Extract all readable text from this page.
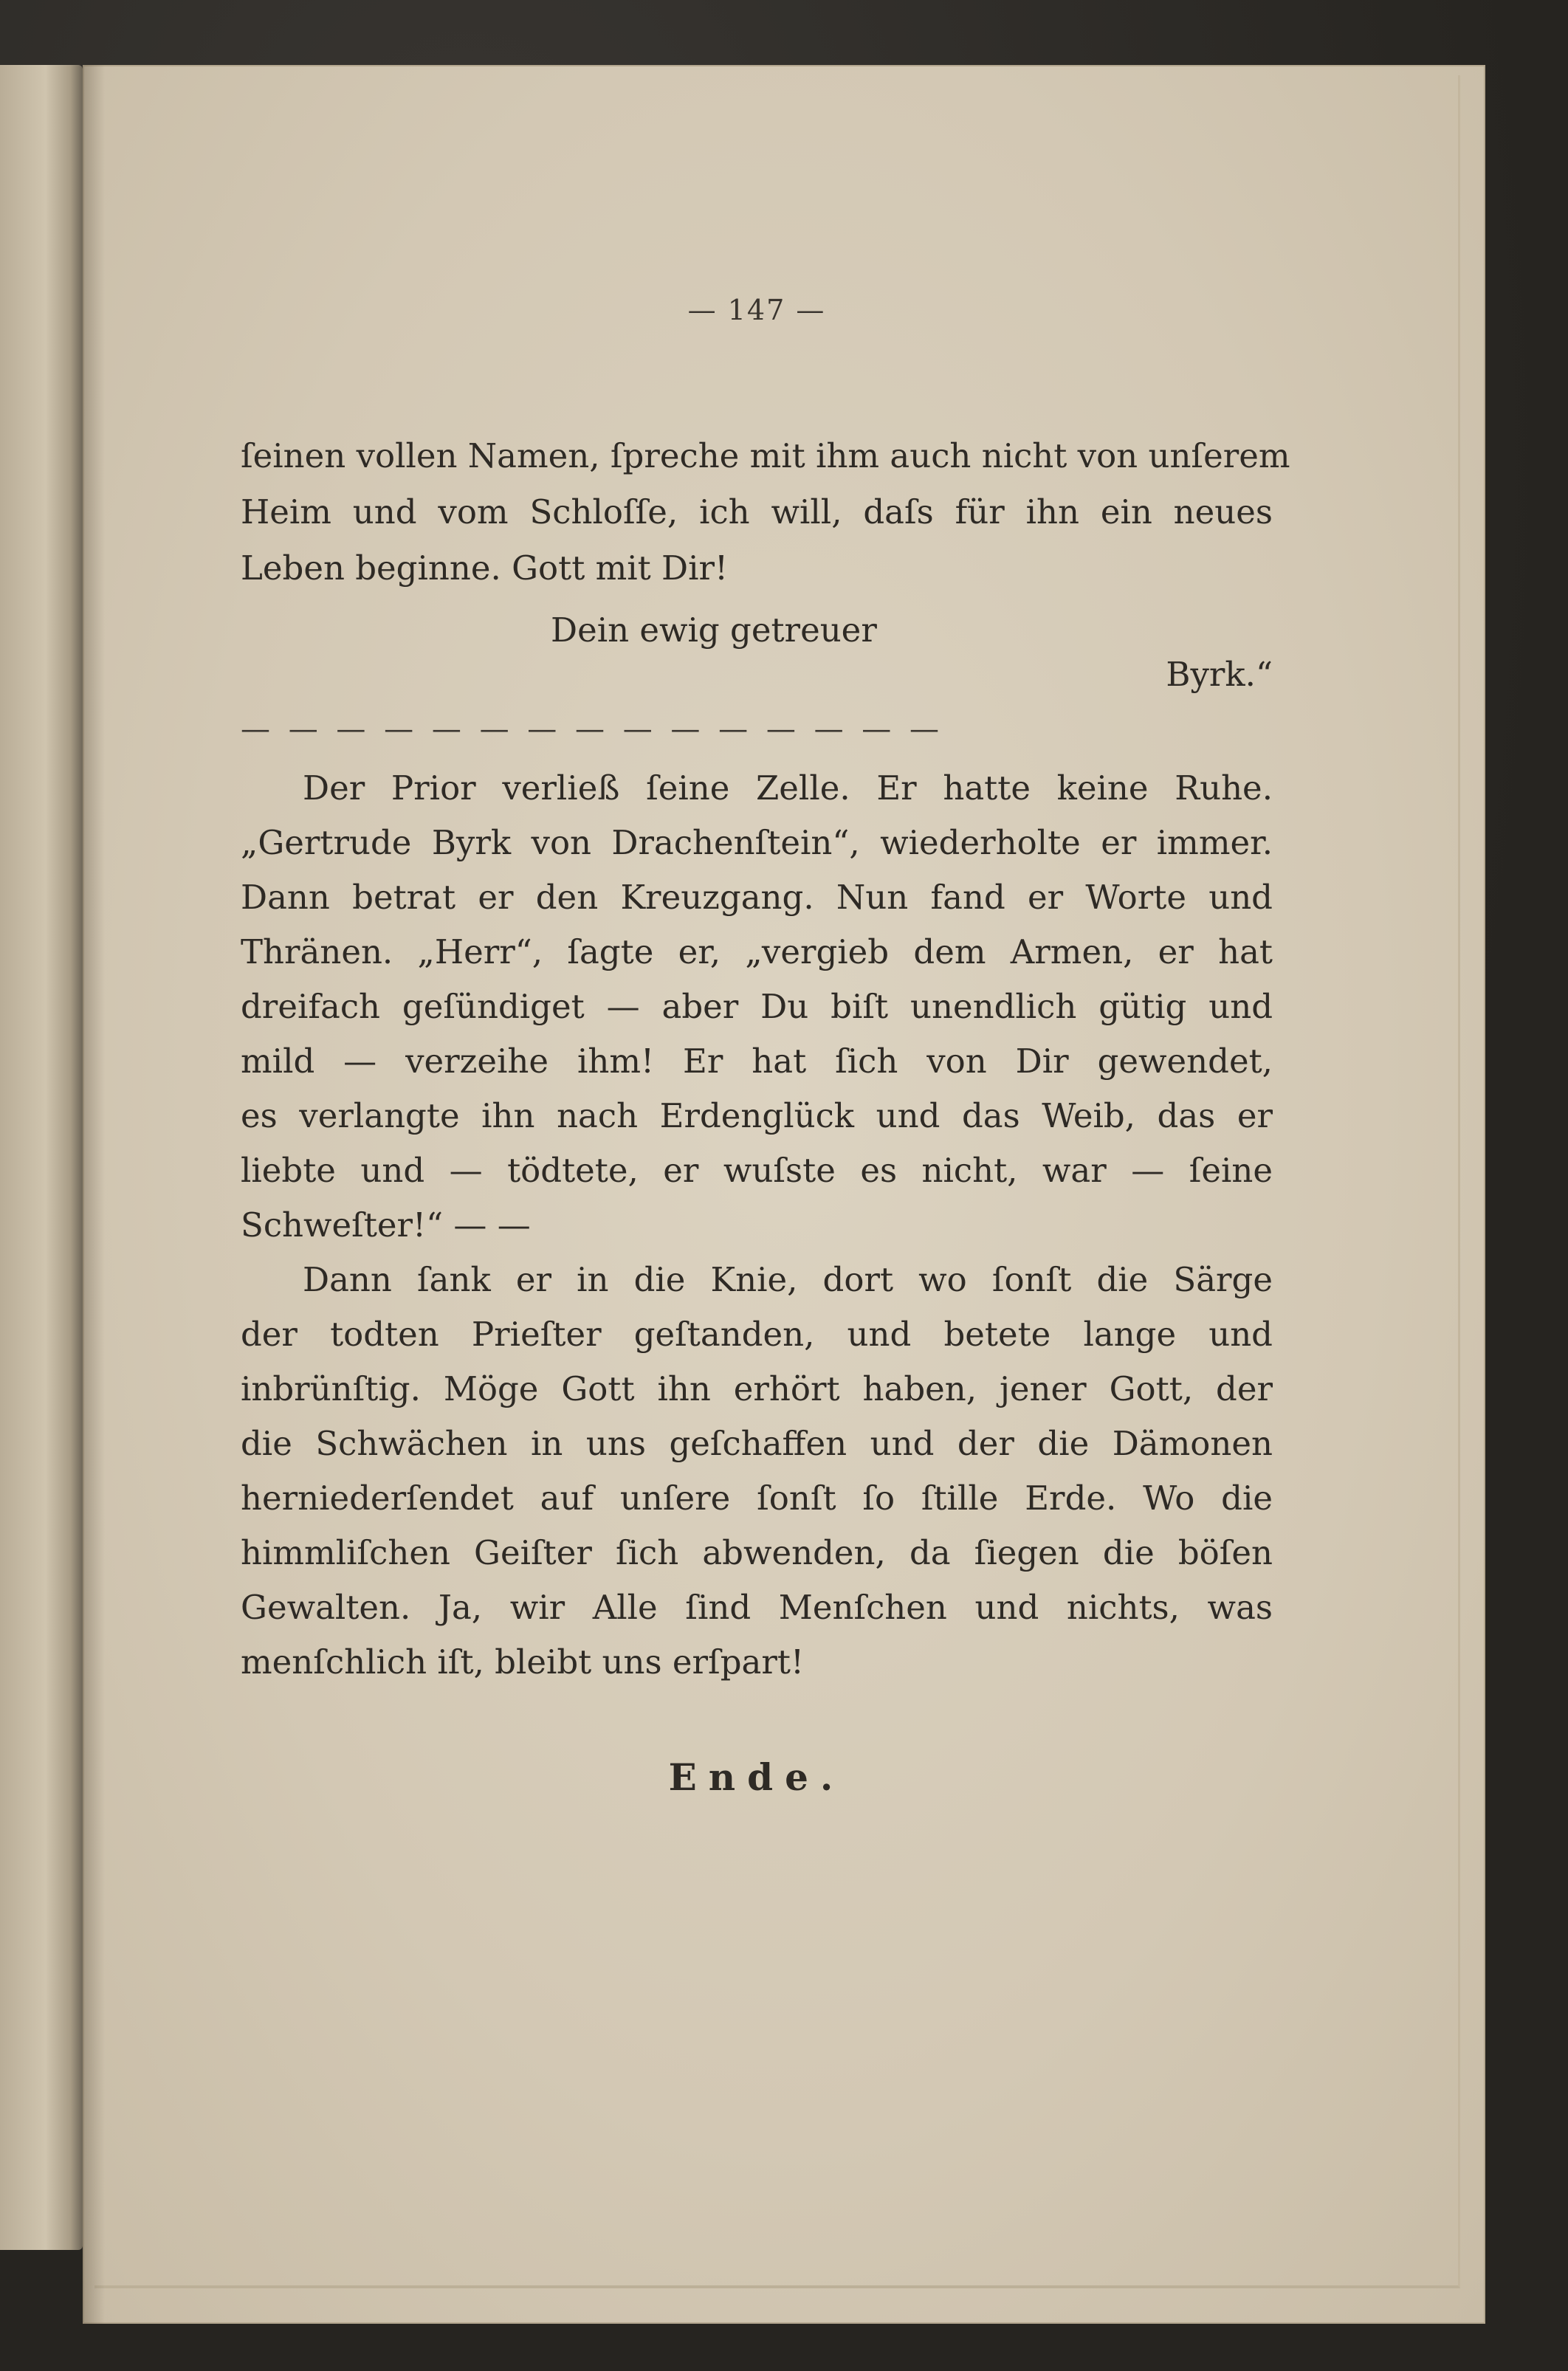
— 147 —
ſeinen vollen Namen, ſpreche mit ihm auch nicht von unſerem
Heim und vom Schloſſe, ich will, daſs für ihn ein neues
Leben beginne. Gott mit Dir!
Dein ewig getreuer
Byrk.“
— — — — — — — — — — — — — — —
Der Prior verließ ſeine Zelle. Er hatte keine Ruhe.
„Gertrude Byrk von Drachenſtein“, wiederholte er immer.
Dann betrat er den Kreuzgang. Nun fand er Worte und
Thränen. „Herr“, ſagte er, „vergieb dem Armen, er hat
dreifach geſündiget — aber Du biſt unendlich gütig und
mild — verzeihe ihm! Er hat ſich von Dir gewendet,
es verlangte ihn nach Erdenglück und das Weib, das er
liebte und — tödtete, er wuſste es nicht, war — ſeine
Schweſter!“ — —
Dann ſank er in die Knie, dort wo ſonſt die Särge
der todten Prieſter geſtanden, und betete lange und
inbrünſtig. Möge Gott ihn erhört haben, jener Gott, der
die Schwächen in uns geſchaffen und der die Dämonen
herniederſendet auf unſere ſonſt ſo ſtille Erde. Wo die
himmliſchen Geiſter ſich abwenden, da ſiegen die böſen
Gewalten. Ja, wir Alle ſind Menſchen und nichts, was
menſchlich iſt, bleibt uns erſpart!
Ende.
